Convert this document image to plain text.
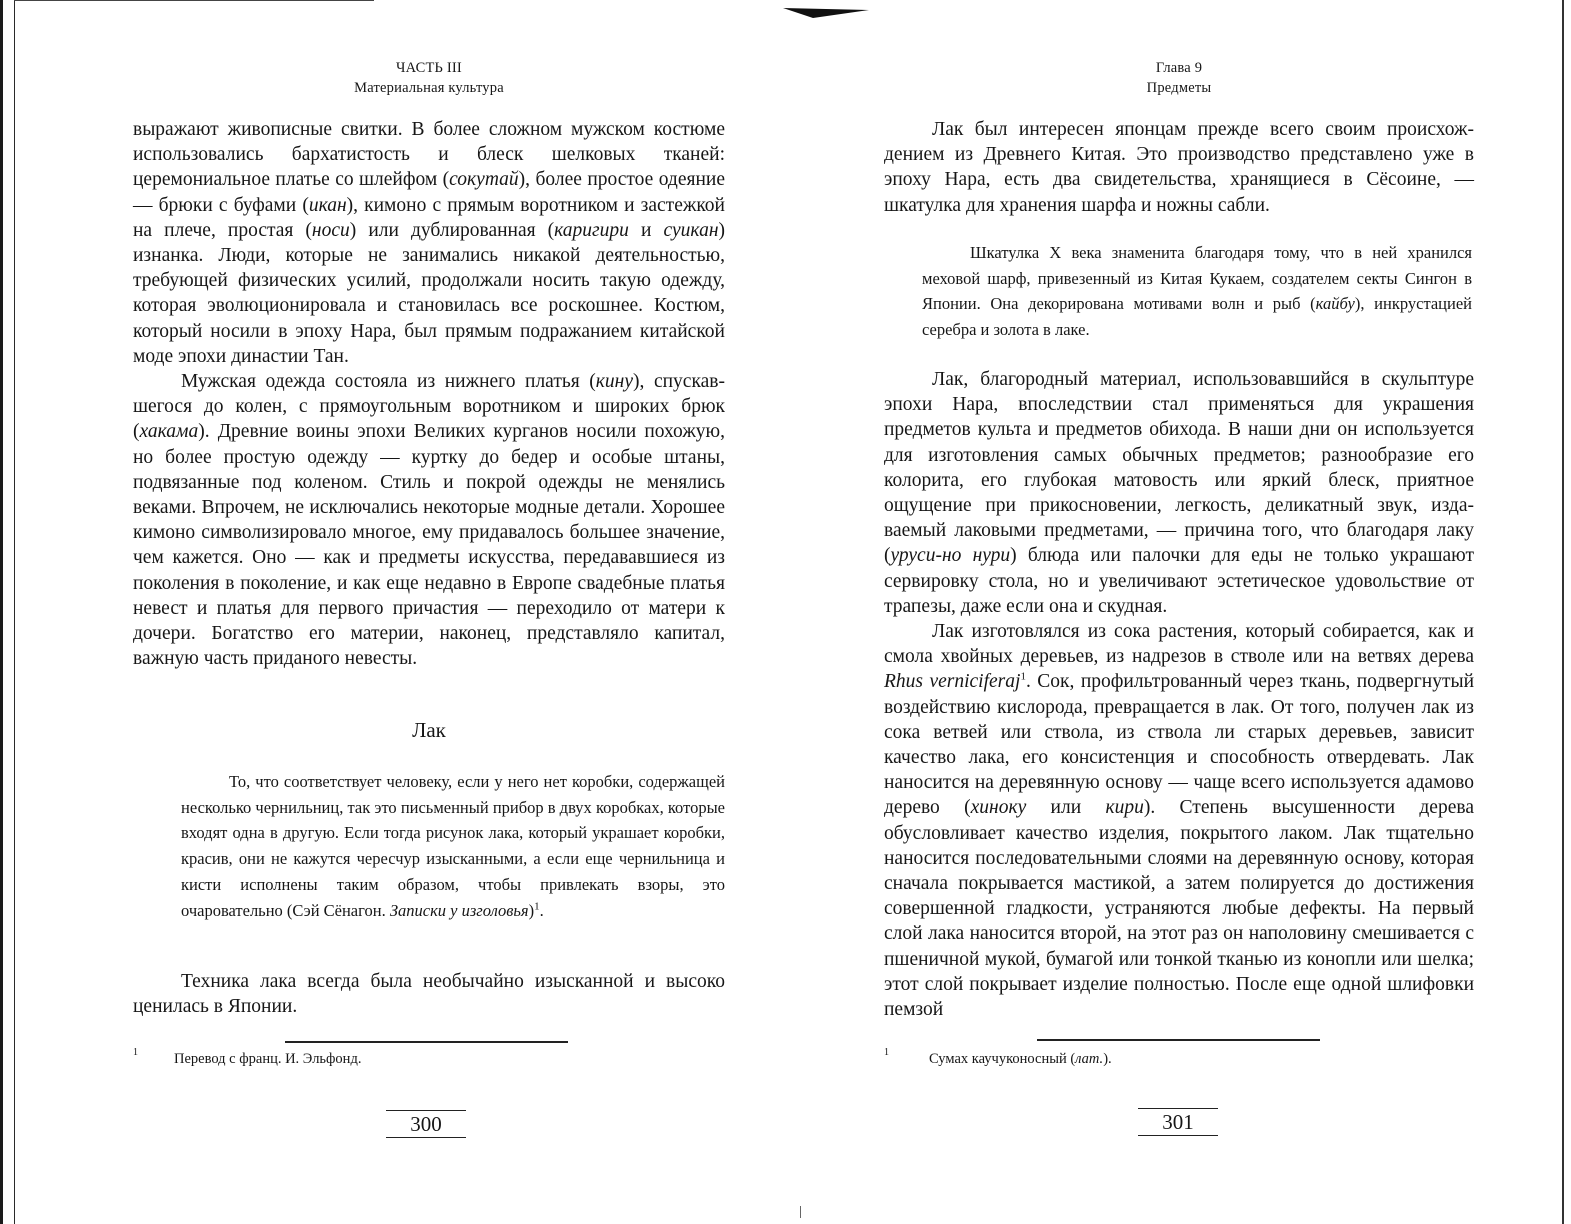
ЧАСТЬ III
Материальная культура

выражают живописные свитки. В более сложном мужском костюме использовались бархатистость и блеск шелковых тканей: церемониальное платье со шлейфом (сокутай), более простое одеяние — брюки с буфами (икан), кимоно с прямым воротником и застежкой на плече, простая (носи) или дублированная (каригири и суикан) изнанка. Люди, которые не занимались никакой деятельностью, требующей физических усилий, продолжали носить такую одежду, которая эволюционировала и становилась все роскошнее. Костюм, который носили в эпоху Нара, был прямым подражанием китайской моде эпохи династии Тан.

Мужская одежда состояла из нижнего платья (кину), спускавшегося до колен, с прямоугольным воротником и широких брюк (хакама). Древние воины эпохи Великих курганов носили похожую, но более простую одежду — куртку до бедер и особые штаны, подвязанные под коленом. Стиль и покрой одежды не менялись веками. Впрочем, не исключались некоторые модные детали. Хорошее кимоно символизировало многое, ему придавалось большее значение, чем кажется. Оно — как и предметы искусства, передававшиеся из поколения в поколение, и как еще недавно в Европе свадебные платья невест и платья для первого причастия — переходило от матери к дочери. Богатство его материи, наконец, представляло капитал, важную часть приданого невесты.

Лак

То, что соответствует человеку, если у него нет коробки, содержащей несколько чернильниц, так это письменный прибор в двух коробках, которые входят одна в другую. Если тогда рисунок лака, который украшает коробки, красив, они не кажутся чересчур изысканными, а если еще чернильница и кисти исполнены таким образом, чтобы привлекать взоры, это очаровательно (Сэй Сёнагон. Записки у изголовья)$^1$.

Техника лака всегда была необычайно изысканной и высоко ценилась в Японии.

1 Перевод с франц. И. Эльфонд.
300
Глава 9
Предметы

Лак был интересен японцам прежде всего своим происхождением из Древнего Китая. Это производство представлено уже в эпоху Нара, есть два свидетельства, хранящиеся в Сёсоине, — шкатулка для хранения шарфа и ножны сабли.

Шкатулка X века знаменита благодаря тому, что в ней хранился меховой шарф, привезенный из Китая Кукаем, создателем секты Сингон в Японии. Она декорирована мотивами волн и рыб (кайбу), инкрустацией серебра и золота в лаке.

Лак, благородный материал, использовавшийся в скульптуре эпохи Нара, впоследствии стал применяться для украшения предметов культа и предметов обихода. В наши дни он используется для изготовления самых обычных предметов; разнообразие его колорита, его глубокая матовость или яркий блеск, приятное ощущение при прикосновении, легкость, деликатный звук, издаваемый лаковыми предметами, — причина того, что благодаря лаку (уруси-но нури) блюда или палочки для еды не только украшают сервировку стола, но и увеличивают эстетическое удовольствие от трапезы, даже если она и скудная.

Лак изготовлялся из сока растения, который собирается, как и смола хвойных деревьев, из надрезов в стволе или на ветвях дерева Rhus verniciferaj$^1$. Сок, профильтрованный через ткань, подвергнутый воздействию кислорода, превращается в лак. От того, получен лак из сока ветвей или ствола, из ствола ли старых деревьев, зависит качество лака, его консистенция и способность отвердевать. Лак наносится на деревянную основу — чаще всего используется адамово дерево (хиноку или кири). Степень высушенности дерева обусловливает качество изделия, покрытого лаком. Лак тщательно наносится последовательными слоями на деревянную основу, которая сначала покрывается мастикой, а затем полируется до достижения совершенной гладкости, устраняются любые дефекты. На первый слой лака наносится второй, на этот раз он наполовину смешивается с пшеничной мукой, бумагой или тонкой тканью из конопли или шелка; этот слой покрывает изделие полностью. После еще одной шлифовки пемзой

1	Сумах каучуконосный (лат.).
301
